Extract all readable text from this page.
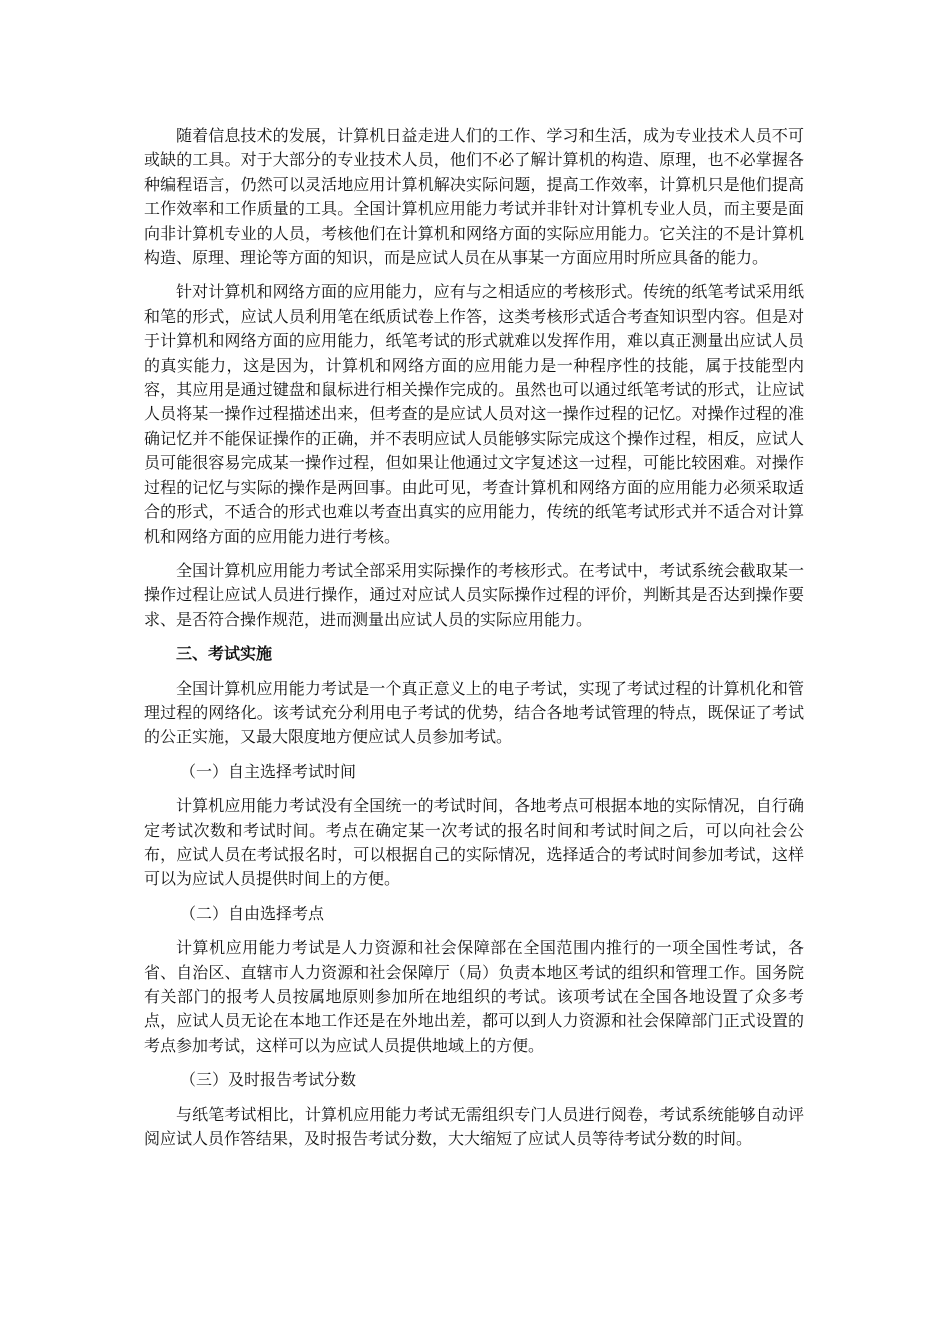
随着信息技术的发展，计算机日益走进人们的工作、学习和生活，成为专业技术人员不可或缺的工具。对于大部分的专业技术人员，他们不必了解计算机的构造、原理，也不必掌握各种编程语言，仍然可以灵活地应用计算机解决实际问题，提高工作效率，计算机只是他们提高工作效率和工作质量的工具。全国计算机应用能力考试并非针对计算机专业人员，而主要是面向非计算机专业的人员，考核他们在计算机和网络方面的实际应用能力。它关注的不是计算机构造、原理、理论等方面的知识，而是应试人员在从事某一方面应用时所应具备的能力。

针对计算机和网络方面的应用能力，应有与之相适应的考核形式。传统的纸笔考试采用纸和笔的形式，应试人员利用笔在纸质试卷上作答，这类考核形式适合考查知识型内容。但是对于计算机和网络方面的应用能力，纸笔考试的形式就难以发挥作用，难以真正测量出应试人员的真实能力，这是因为，计算机和网络方面的应用能力是一种程序性的技能，属于技能型内容，其应用是通过键盘和鼠标进行相关操作完成的。虽然也可以通过纸笔考试的形式，让应试人员将某一操作过程描述出来，但考查的是应试人员对这一操作过程的记忆。对操作过程的准确记忆并不能保证操作的正确，并不表明应试人员能够实际完成这个操作过程，相反，应试人员可能很容易完成某一操作过程，但如果让他通过文字复述这一过程，可能比较困难。对操作过程的记忆与实际的操作是两回事。由此可见，考查计算机和网络方面的应用能力必须采取适合的形式，不适合的形式也难以考查出真实的应用能力，传统的纸笔考试形式并不适合对计算机和网络方面的应用能力进行考核。

全国计算机应用能力考试全部采用实际操作的考核形式。在考试中，考试系统会截取某一操作过程让应试人员进行操作，通过对应试人员实际操作过程的评价，判断其是否达到操作要求、是否符合操作规范，进而测量出应试人员的实际应用能力。

三、考试实施

全国计算机应用能力考试是一个真正意义上的电子考试，实现了考试过程的计算机化和管理过程的网络化。该考试充分利用电子考试的优势，结合各地考试管理的特点，既保证了考试的公正实施，又最大限度地方便应试人员参加考试。

（一）自主选择考试时间

计算机应用能力考试没有全国统一的考试时间，各地考点可根据本地的实际情况，自行确定考试次数和考试时间。考点在确定某一次考试的报名时间和考试时间之后，可以向社会公布，应试人员在考试报名时，可以根据自己的实际情况，选择适合的考试时间参加考试，这样可以为应试人员提供时间上的方便。

（二）自由选择考点

计算机应用能力考试是人力资源和社会保障部在全国范围内推行的一项全国性考试，各省、自治区、直辖市人力资源和社会保障厅（局）负责本地区考试的组织和管理工作。国务院有关部门的报考人员按属地原则参加所在地组织的考试。该项考试在全国各地设置了众多考点，应试人员无论在本地工作还是在外地出差，都可以到人力资源和社会保障部门正式设置的考点参加考试，这样可以为应试人员提供地域上的方便。

（三）及时报告考试分数

与纸笔考试相比，计算机应用能力考试无需组织专门人员进行阅卷，考试系统能够自动评阅应试人员作答结果，及时报告考试分数，大大缩短了应试人员等待考试分数的时间。
